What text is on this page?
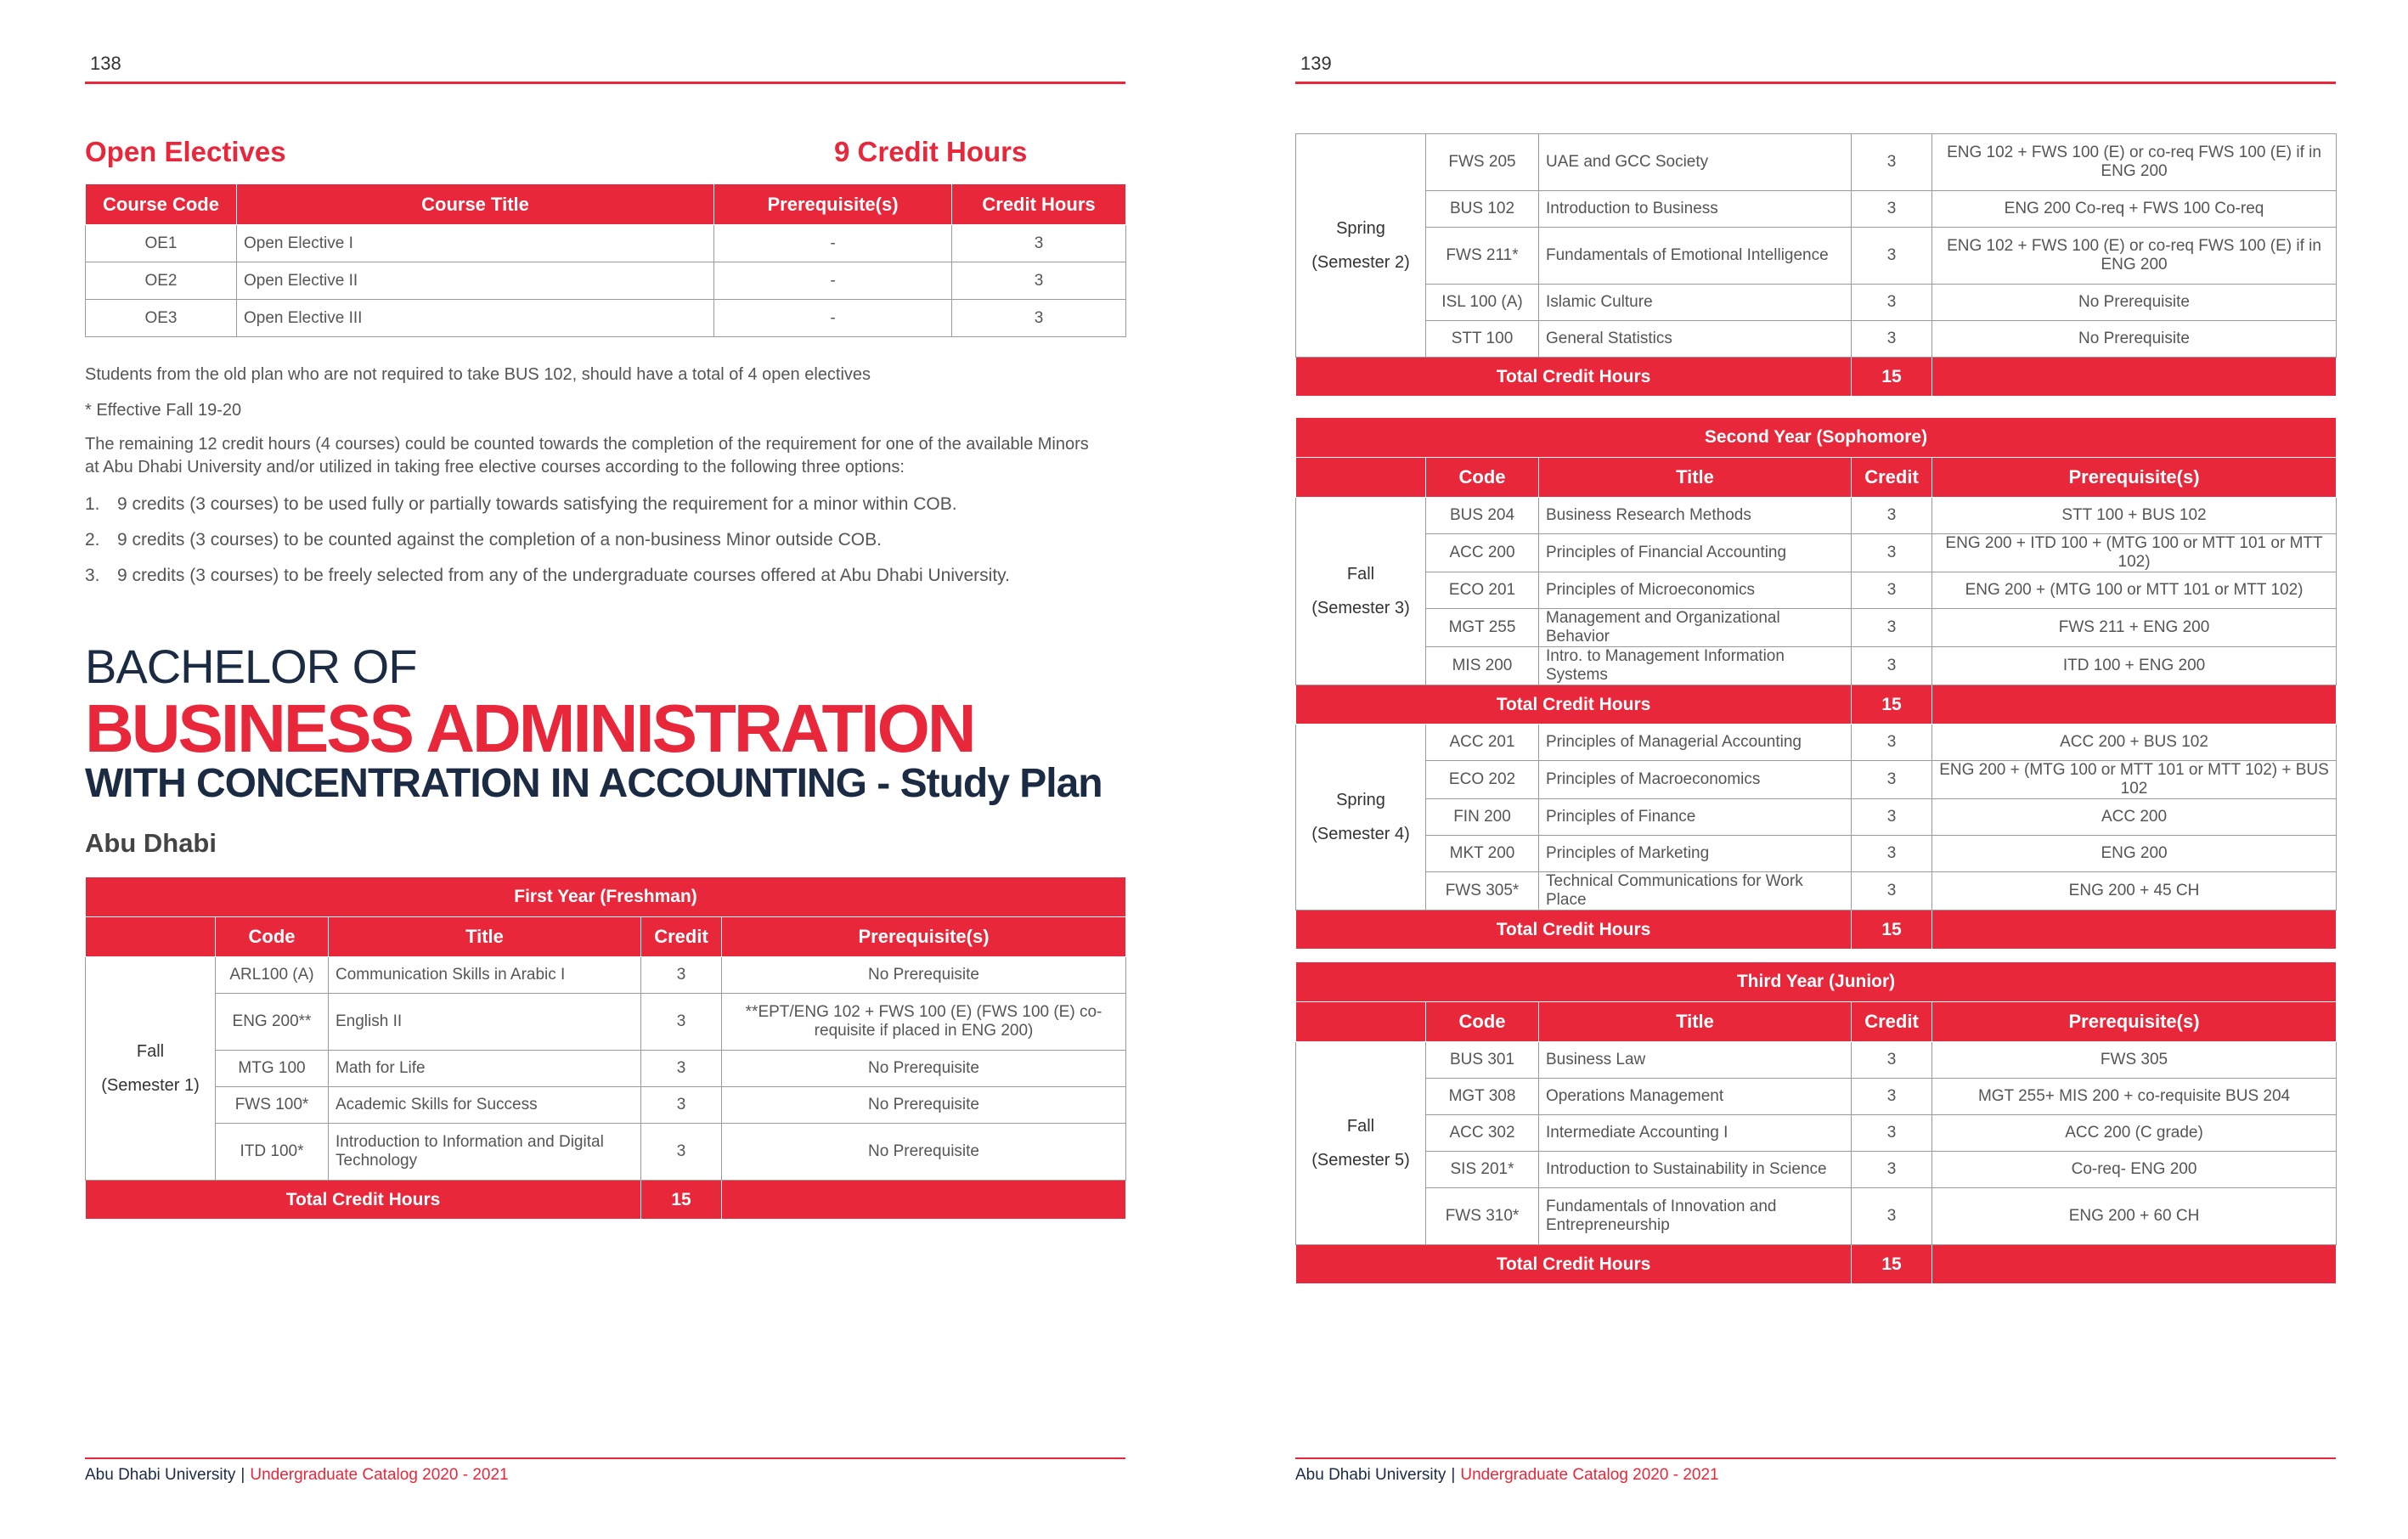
138
Open Electives	9 Credit Hours
Course Code	Course Title	Prerequisite(s)	Credit Hours
OE1	Open Elective I	-	3
OE2	Open Elective II	-	3
OE3	Open Elective III	-	3
Students from the old plan who are not required to take BUS 102, should have a total of 4 open electives
* Effective Fall 19-20
The remaining 12 credit hours (4 courses) could be counted towards the completion of the requirement for one of the available Minors at Abu Dhabi University and/or utilized in taking free elective courses according to the following three options:
1. 9 credits (3 courses) to be used fully or partially towards satisfying the requirement for a minor within COB.
2. 9 credits (3 courses) to be counted against the completion of a non-business Minor outside COB.
3. 9 credits (3 courses) to be freely selected from any of the undergraduate courses offered at Abu Dhabi University.
BACHELOR OF
BUSINESS ADMINISTRATION
WITH CONCENTRATION IN ACCOUNTING - Study Plan
Abu Dhabi
First Year (Freshman)				
	Code	Title	Credit	Prerequisite(s)
Fall
(Semester 1)	ARL100 (A)	Communication Skills in Arabic I	3	No Prerequisite
	ENG 200**	English II	3	**EPT/ENG 102 + FWS 100 (E) (FWS 100 (E) co-requisite if placed in ENG 200)
	MTG 100	Math for Life	3	No Prerequisite
	FWS 100*	Academic Skills for Success	3	No Prerequisite
	ITD 100*	Introduction to Information and Digital Technology	3	No Prerequisite
Total Credit Hours			15	
Abu Dhabi University | Undergraduate Catalog 2020 - 2021
139
Spring
(Semester 2)	FWS 205	UAE and GCC Society	3	ENG 102 + FWS 100 (E) or co-req FWS 100 (E) if in ENG 200
	BUS 102	Introduction to Business	3	ENG 200 Co-req + FWS 100 Co-req
	FWS 211*	Fundamentals of Emotional Intelligence	3	ENG 102 + FWS 100 (E) or co-req FWS 100 (E) if in ENG 200
	ISL 100 (A)	Islamic Culture	3	No Prerequisite
	STT 100	General Statistics	3	No Prerequisite
Total Credit Hours			15	
Second Year (Sophomore)				
	Code	Title	Credit	Prerequisite(s)
Fall
(Semester 3)	BUS 204	Business Research Methods	3	STT 100 + BUS 102
	ACC 200	Principles of Financial Accounting	3	ENG 200 + ITD 100 + (MTG 100 or MTT 101 or MTT 102)
	ECO 201	Principles of Microeconomics	3	ENG 200 + (MTG 100 or MTT 101 or MTT 102)
	MGT 255	Management and Organizational Behavior	3	FWS 211 + ENG 200
	MIS 200	Intro. to Management Information Systems	3	ITD 100 + ENG 200
Total Credit Hours			15	
Spring
(Semester 4)	ACC 201	Principles of Managerial Accounting	3	ACC 200 + BUS 102
	ECO 202	Principles of Macroeconomics	3	ENG 200 + (MTG 100 or MTT 101 or MTT 102) + BUS 102
	FIN 200	Principles of Finance	3	ACC 200
	MKT 200	Principles of Marketing	3	ENG 200
	FWS 305*	Technical Communications for Work Place	3	ENG 200 + 45 CH
Total Credit Hours			15	
Third Year (Junior)				
	Code	Title	Credit	Prerequisite(s)
Fall
(Semester 5)	BUS 301	Business Law	3	FWS 305
	MGT 308	Operations Management	3	MGT 255+ MIS 200 + co-requisite BUS 204
	ACC 302	Intermediate Accounting I	3	ACC 200 (C grade)
	SIS 201*	Introduction to Sustainability in Science	3	Co-req- ENG 200
	FWS 310*	Fundamentals of Innovation and Entrepreneurship	3	ENG 200 + 60 CH
Total Credit Hours			15	
Abu Dhabi University | Undergraduate Catalog 2020 - 2021
